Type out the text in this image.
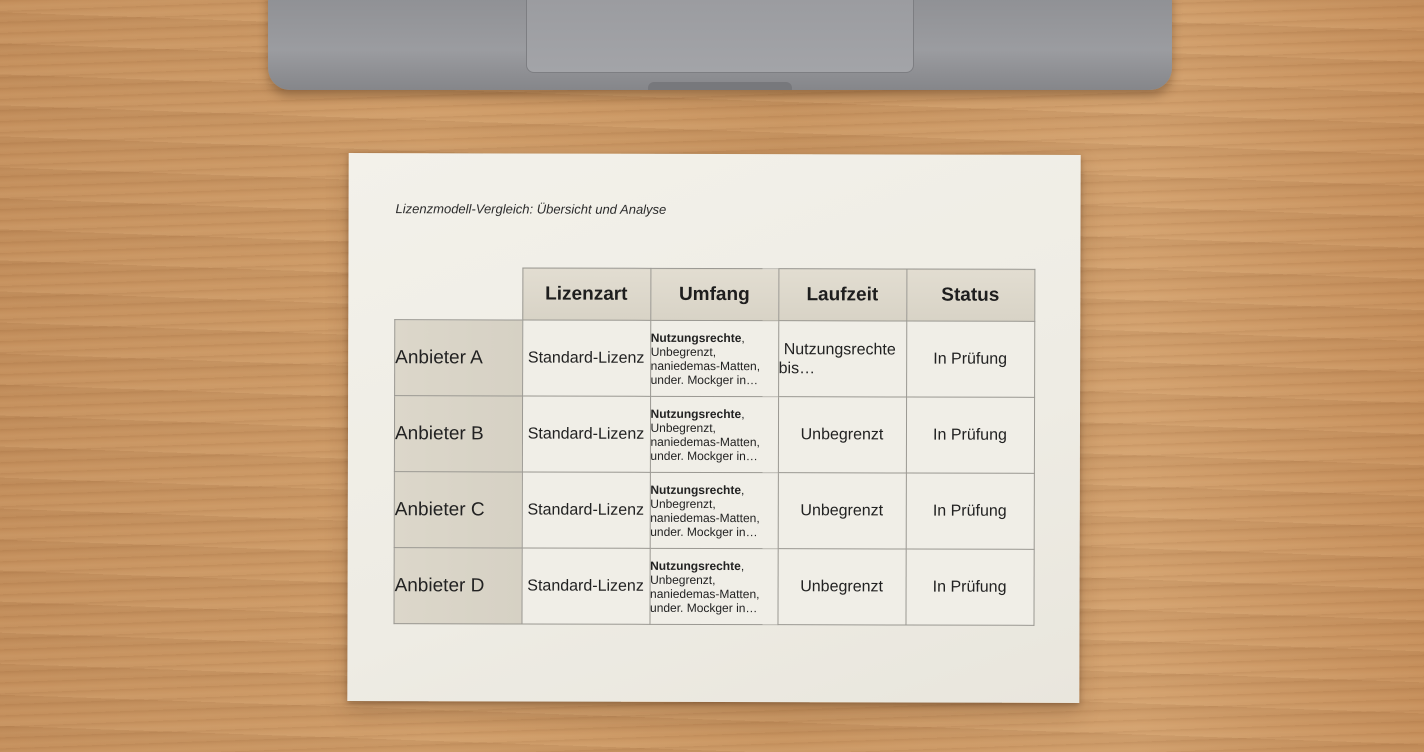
Lizenzmodell-Vergleich: Übersicht und Analyse
	Lizenzart	Umfang	Laufzeit	Status
Anbieter A	Standard-Lizenz	Nutzungsrechte,
Unbegrenzt,
naniedemas-Matten,
under. Mockger in…	Nutzungsrechte
bis…	In Prüfung
Anbieter B	Standard-Lizenz	Nutzungsrechte,
Unbegrenzt,
naniedemas-Matten,
under. Mockger in…	Unbegrenzt	In Prüfung
Anbieter C	Standard-Lizenz	Nutzungsrechte,
Unbegrenzt,
naniedemas-Matten,
under. Mockger in…	Unbegrenzt	In Prüfung
Anbieter D	Standard-Lizenz	Nutzungsrechte,
Unbegrenzt,
naniedemas-Matten,
under. Mockger in…	Unbegrenzt	In Prüfung
